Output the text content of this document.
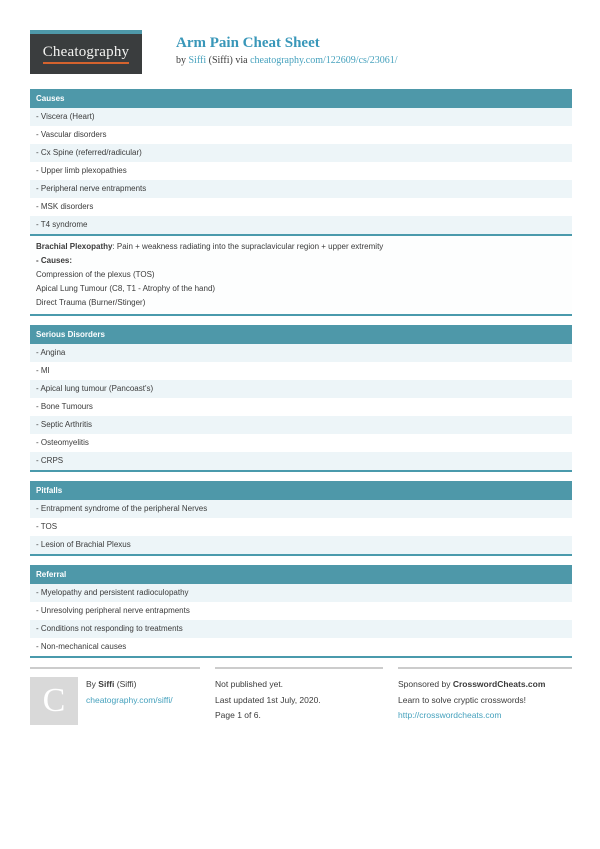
Cheatography
Arm Pain Cheat Sheet
by Siffi (Siffi) via cheatography.com/122609/cs/23061/
Causes
- Viscera (Heart)
- Vascular disorders
- Cx Spine (referred/radicular)
- Upper limb plexopathies
- Peripheral nerve entrapments
- MSK disorders
- T4 syndrome

Brachial Plexopathy: Pain + weakness radiating into the supraclavicular region + upper extremity

- Causes:

Compression of the plexus (TOS)

Apical Lung Tumour (C8, T1 - Atrophy of the hand)

Direct Trauma (Burner/Stinger)

Serious Disorders
- Angina
- MI
- Apical lung tumour (Pancoast's)
- Bone Tumours
- Septic Arthritis
- Osteomyelitis
- CRPS
Pitfalls
- Entrapment syndrome of the peripheral Nerves
- TOS
- Lesion of Brachial Plexus
Referral
- Myelopathy and persistent radioculopathy
- Unresolving peripheral nerve entrapments
- Conditions not responding to treatments
- Non-mechanical causes
C By Siffi (Siffi)
cheatography.com/siffi/
Not published yet.
Last updated 1st July, 2020.
Page 1 of 6.
Sponsored by CrosswordCheats.com
Learn to solve cryptic crosswords!
http://crosswordcheats.com
